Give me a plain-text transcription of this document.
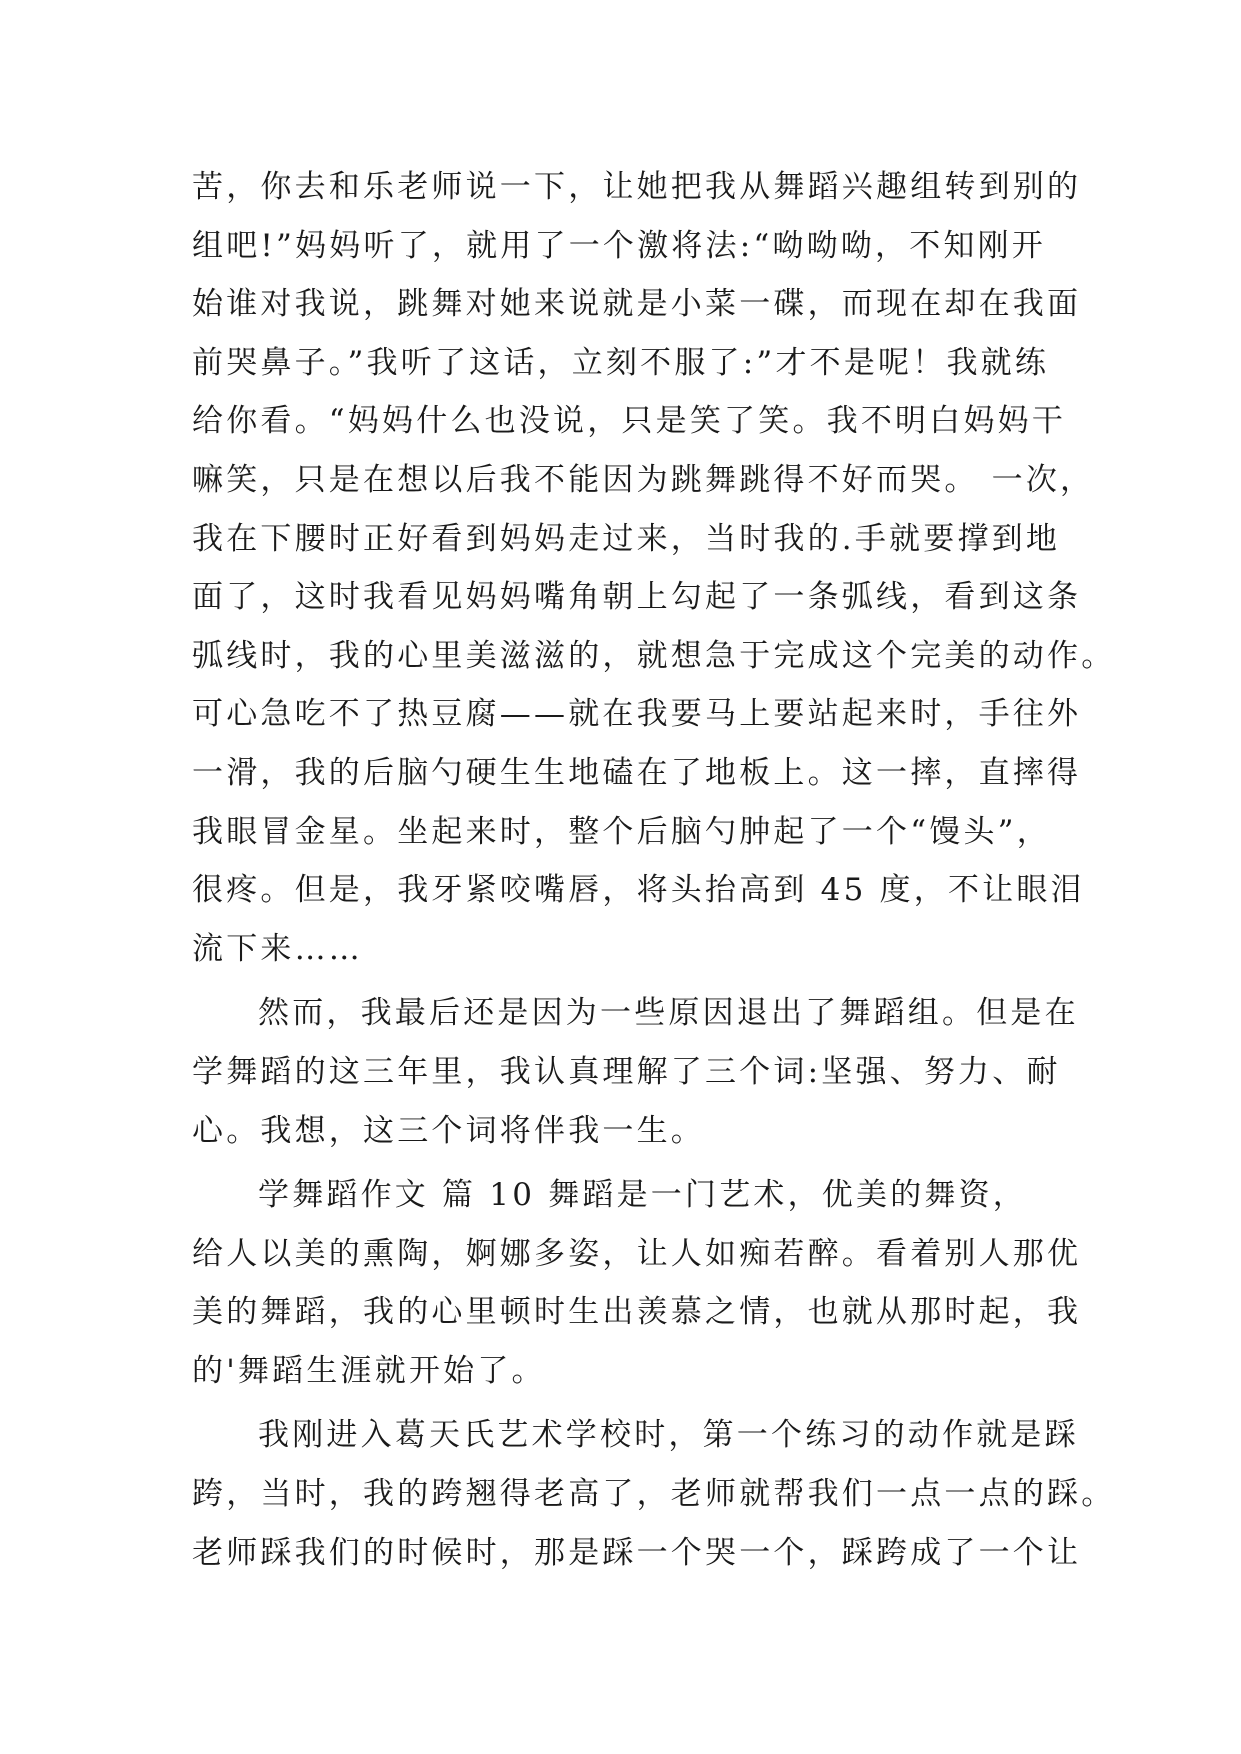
苦，你去和乐老师说一下，让她把我从舞蹈兴趣组转到别的
组吧!”妈妈听了，就用了一个激将法:“呦呦呦，不知刚开
始谁对我说，跳舞对她来说就是小菜一碟，而现在却在我面
前哭鼻子。”我听了这话，立刻不服了:”才不是呢！我就练
给你看。“妈妈什么也没说，只是笑了笑。我不明白妈妈干
嘛笑，只是在想以后我不能因为跳舞跳得不好而哭。 一次，
我在下腰时正好看到妈妈走过来，当时我的.手就要撑到地
面了，这时我看见妈妈嘴角朝上勾起了一条弧线，看到这条
弧线时，我的心里美滋滋的，就想急于完成这个完美的动作。
可心急吃不了热豆腐——就在我要马上要站起来时，手往外
一滑，我的后脑勺硬生生地磕在了地板上。这一摔，直摔得
我眼冒金星。坐起来时，整个后脑勺肿起了一个“馒头”，
很疼。但是，我牙紧咬嘴唇，将头抬高到 45 度，不让眼泪
流下来……
然而，我最后还是因为一些原因退出了舞蹈组。但是在
学舞蹈的这三年里，我认真理解了三个词:坚强、努力、耐
心。我想，这三个词将伴我一生。
学舞蹈作文 篇 10 舞蹈是一门艺术，优美的舞资，
给人以美的熏陶，婀娜多姿，让人如痴若醉。看着别人那优
美的舞蹈，我的心里顿时生出羡慕之情，也就从那时起，我
的'舞蹈生涯就开始了。
我刚进入葛天氏艺术学校时，第一个练习的动作就是踩
跨，当时，我的跨翘得老高了，老师就帮我们一点一点的踩。
老师踩我们的时候时，那是踩一个哭一个，踩跨成了一个让
